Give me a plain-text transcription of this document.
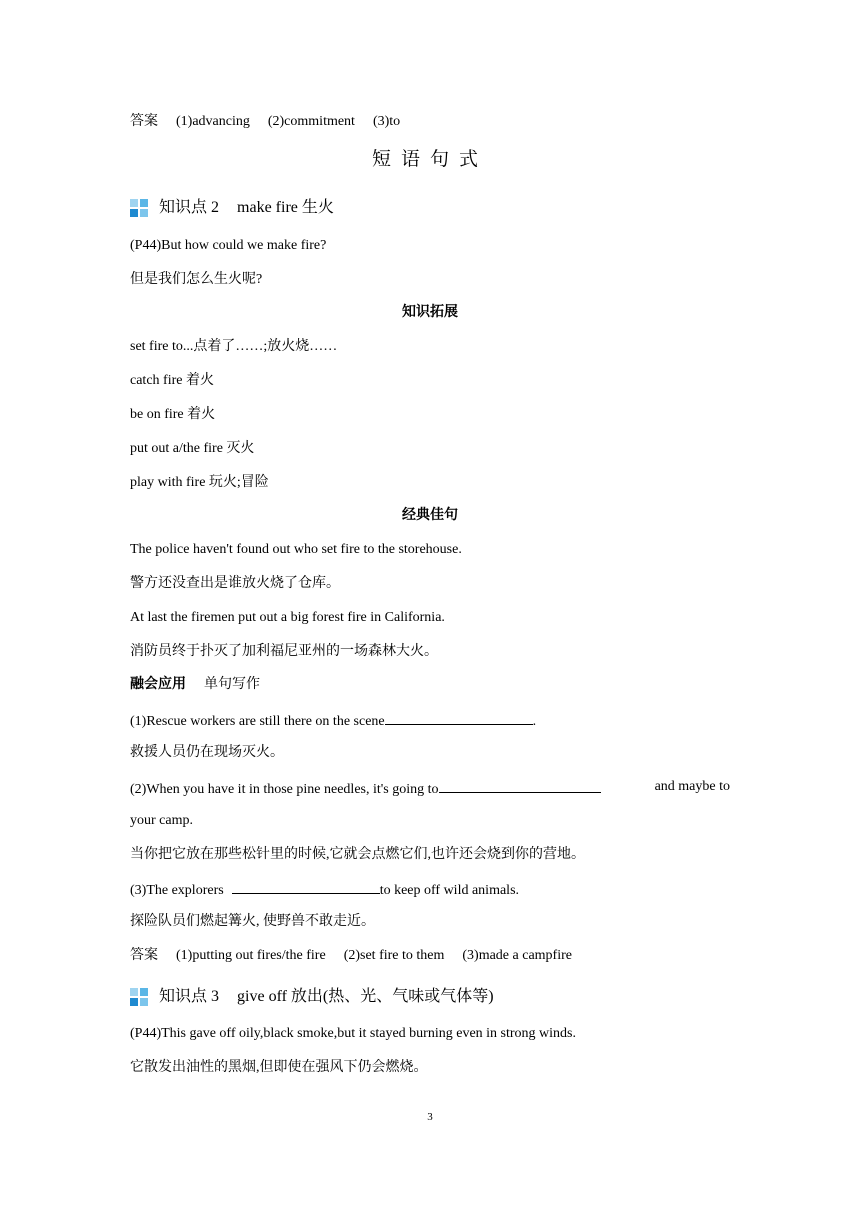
答案 (1)advancing (2)commitment (3)to
短语句式
知识点 2 make fire 生火
(P44)But how could we make fire?
但是我们怎么生火呢?
知识拓展
set fire to...点着了……;放火烧……
catch fire 着火
be on fire 着火
put out a/the fire 灭火
play with fire 玩火;冒险
经典佳句
The police haven't found out who set fire to the storehouse.
警方还没查出是谁放火烧了仓库。
At last the firemen put out a big forest fire in California.
消防员终于扑灭了加利福尼亚州的一场森林大火。
融会应用 单句写作
(1)Rescue workers are still there on the scene	.
救援人员仍在现场灭火。
(2)When you have it in those pine needles, it's going to	and maybe to
your camp.
当你把它放在那些松针里的时候,它就会点燃它们,也许还会烧到你的营地。
(3)The explorers	to keep off wild animals.
探险队员们燃起篝火, 使野兽不敢走近。
答案 (1)putting out fires/the fire (2)set fire to them (3)made a campfire
知识点 3 give off 放出(热、光、气味或气体等)
(P44)This gave off oily,black smoke,but it stayed burning even in strong winds.
它散发出油性的黑烟,但即使在强风下仍会燃烧。
3
